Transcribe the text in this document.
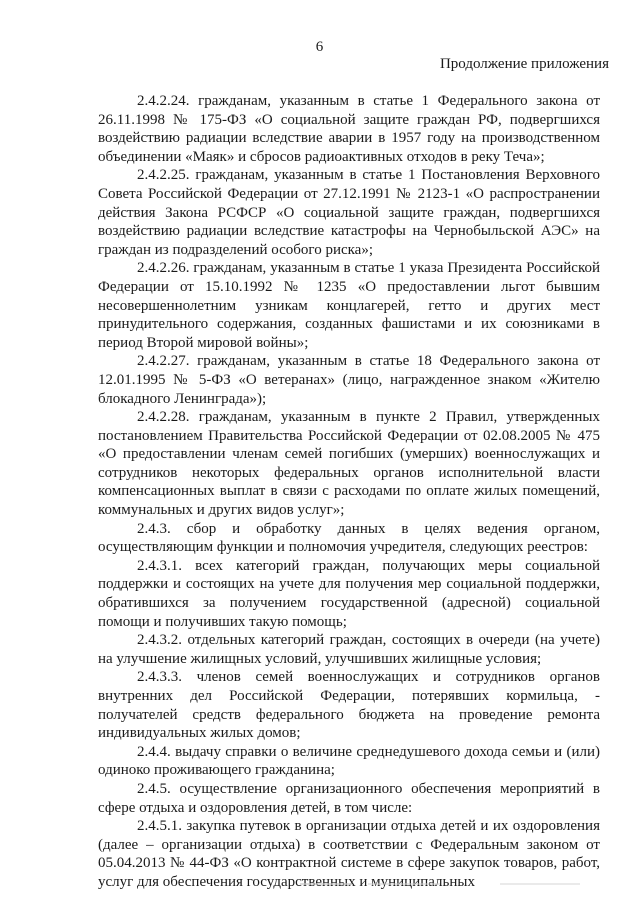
6
Продолжение приложения

2.4.2.24. гражданам, указанным в статье 1 Федерального закона от 26.11.1998 № 175-ФЗ «О социальной защите граждан РФ, подвергшихся воздействию радиации вследствие аварии в 1957 году на производственном объединении «Маяк» и сбросов радиоактивных отходов в реку Теча»;

2.4.2.25. гражданам, указанным в статье 1 Постановления Верховного Совета Российской Федерации от 27.12.1991 № 2123-1 «О распространении действия Закона РСФСР «О социальной защите граждан, подвергшихся воздействию радиации вследствие катастрофы на Чернобыльской АЭС» на граждан из подразделений особого риска»;

2.4.2.26. гражданам, указанным в статье 1 указа Президента Российской Федерации от 15.10.1992 № 1235 «О предоставлении льгот бывшим несовершеннолетним узникам концлагерей, гетто и других мест принудительного содержания, созданных фашистами и их союзниками в период Второй мировой войны»;

2.4.2.27. гражданам, указанным в статье 18 Федерального закона от 12.01.1995 № 5-ФЗ «О ветеранах» (лицо, награжденное знаком «Жителю блокадного Ленинграда»);

2.4.2.28. гражданам, указанным в пункте 2 Правил, утвержденных постановлением Правительства Российской Федерации от 02.08.2005 № 475 «О предоставлении членам семей погибших (умерших) военнослужащих и сотрудников некоторых федеральных органов исполнительной власти компенсационных выплат в связи с расходами по оплате жилых помещений, коммунальных и других видов услуг»;

2.4.3. сбор и обработку данных в целях ведения органом, осуществляющим функции и полномочия учредителя, следующих реестров:

2.4.3.1. всех категорий граждан, получающих меры социальной поддержки и состоящих на учете для получения мер социальной поддержки, обратившихся за получением государственной (адресной) социальной помощи и получивших такую помощь;

2.4.3.2. отдельных категорий граждан, состоящих в очереди (на учете) на улучшение жилищных условий, улучшивших жилищные условия;

2.4.3.3. членов семей военнослужащих и сотрудников органов внутренних дел Российской Федерации, потерявших кормильца, - получателей средств федерального бюджета на проведение ремонта индивидуальных жилых домов;

2.4.4. выдачу справки о величине среднедушевого дохода семьи и (или) одиноко проживающего гражданина;

2.4.5. осуществление организационного обеспечения мероприятий в сфере отдыха и оздоровления детей, в том числе:

2.4.5.1. закупка путевок в организации отдыха детей и их оздоровления (далее – организации отдыха) в соответствии с Федеральным законом от 05.04.2013 № 44-ФЗ «О контрактной системе в сфере закупок товаров, работ, услуг для обеспечения государственных и муниципальных
